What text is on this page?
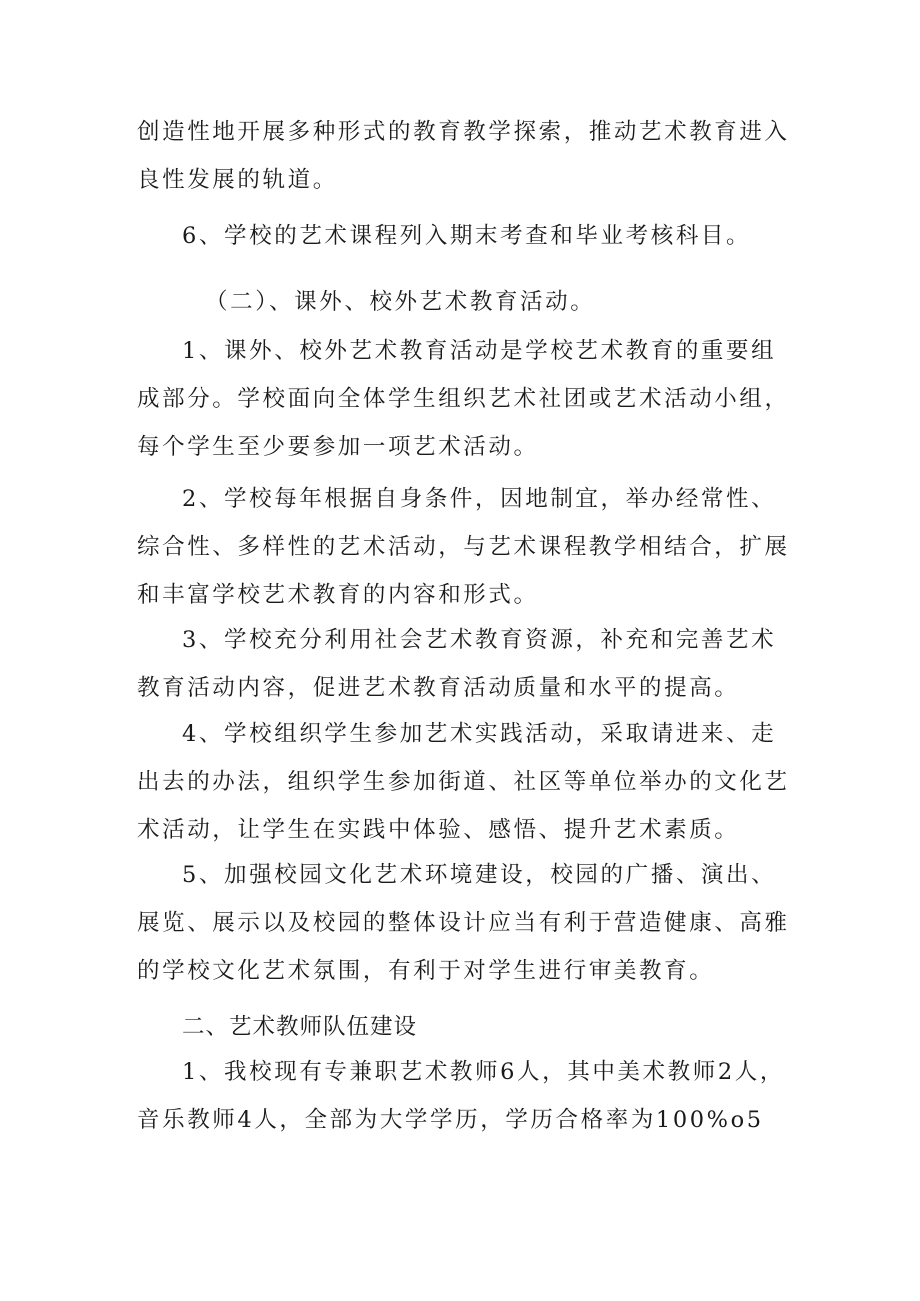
创造性地开展多种形式的教育教学探索，推动艺术教育进入良性发展的轨道。

6、学校的艺术课程列入期末考查和毕业考核科目。

（二）、课外、校外艺术教育活动。

1、课外、校外艺术教育活动是学校艺术教育的重要组成部分。学校面向全体学生组织艺术社团或艺术活动小组，每个学生至少要参加一项艺术活动。

2、学校每年根据自身条件，因地制宜，举办经常性、综合性、多样性的艺术活动，与艺术课程教学相结合，扩展和丰富学校艺术教育的内容和形式。

3、学校充分利用社会艺术教育资源，补充和完善艺术教育活动内容，促进艺术教育活动质量和水平的提高。

4、学校组织学生参加艺术实践活动，采取请进来、走出去的办法，组织学生参加街道、社区等单位举办的文化艺术活动，让学生在实践中体验、感悟、提升艺术素质。

5、加强校园文化艺术环境建设，校园的广播、演出、展览、展示以及校园的整体设计应当有利于营造健康、高雅的学校文化艺术氛围，有利于对学生进行审美教育。

二、艺术教师队伍建设

1、我校现有专兼职艺术教师6人，其中美术教师2人，音乐教师4人，全部为大学学历，学历合格率为100%o5
